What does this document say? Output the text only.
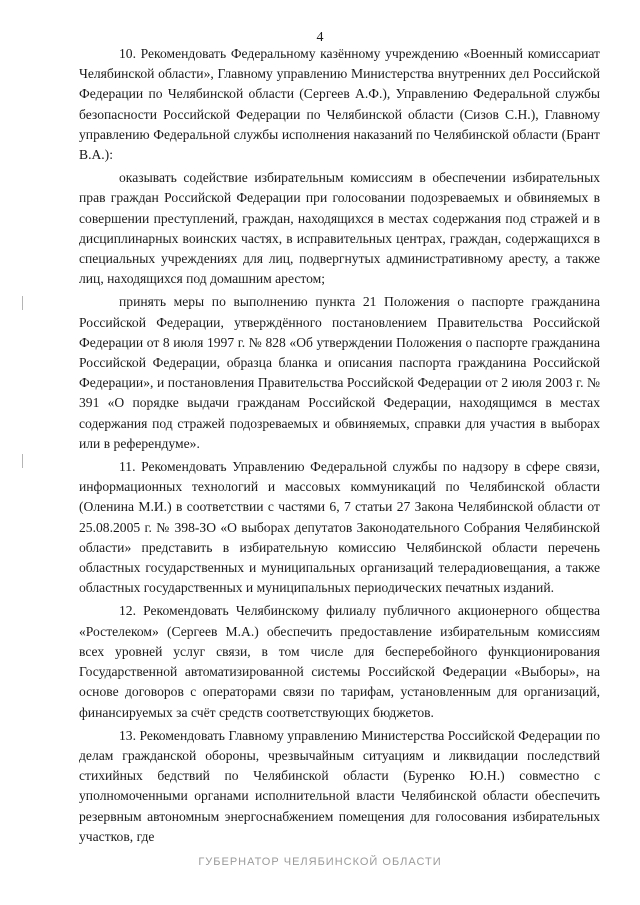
4

10. Рекомендовать Федеральному казённому учреждению «Военный комиссариат Челябинской области», Главному управлению Министерства внутренних дел Российской Федерации по Челябинской области (Сергеев А.Ф.), Управлению Федеральной службы безопасности Российской Федерации по Челябинской области (Сизов С.Н.), Главному управлению Федеральной службы исполнения наказаний по Челябинской области (Брант В.А.):

оказывать содействие избирательным комиссиям в обеспечении избирательных прав граждан Российской Федерации при голосовании подозреваемых и обвиняемых в совершении преступлений, граждан, находящихся в местах содержания под стражей и в дисциплинарных воинских частях, в исправительных центрах, граждан, содержащихся в специальных учреждениях для лиц, подвергнутых административному аресту, а также лиц, находящихся под домашним арестом;

принять меры по выполнению пункта 21 Положения о паспорте гражданина Российской Федерации, утверждённого постановлением Правительства Российской Федерации от 8 июля 1997 г. № 828 «Об утверждении Положения о паспорте гражданина Российской Федерации, образца бланка и описания паспорта гражданина Российской Федерации», и постановления Правительства Российской Федерации от 2 июля 2003 г. № 391 «О порядке выдачи гражданам Российской Федерации, находящимся в местах содержания под стражей подозреваемых и обвиняемых, справки для участия в выборах или в референдуме».

11. Рекомендовать Управлению Федеральной службы по надзору в сфере связи, информационных технологий и массовых коммуникаций по Челябинской области (Оленина М.И.) в соответствии с частями 6, 7 статьи 27 Закона Челябинской области от 25.08.2005 г. № 398-ЗО «О выборах депутатов Законодательного Собрания Челябинской области» представить в избирательную комиссию Челябинской области перечень областных государственных и муниципальных организаций телерадиовещания, а также областных государственных и муниципальных периодических печатных изданий.

12. Рекомендовать Челябинскому филиалу публичного акционерного общества «Ростелеком» (Сергеев М.А.) обеспечить предоставление избирательным комиссиям всех уровней услуг связи, в том числе для бесперебойного функционирования Государственной автоматизированной системы Российской Федерации «Выборы», на основе договоров с операторами связи по тарифам, установленным для организаций, финансируемых за счёт средств соответствующих бюджетов.

13. Рекомендовать Главному управлению Министерства Российской Федерации по делам гражданской обороны, чрезвычайным ситуациям и ликвидации последствий стихийных бедствий по Челябинской области (Буренко Ю.Н.) совместно с уполномоченными органами исполнительной власти Челябинской области обеспечить резервным автономным энергоснабжением помещения для голосования избирательных участков, где

ГУБЕРНАТОР ЧЕЛЯБИНСКОЙ ОБЛАСТИ
